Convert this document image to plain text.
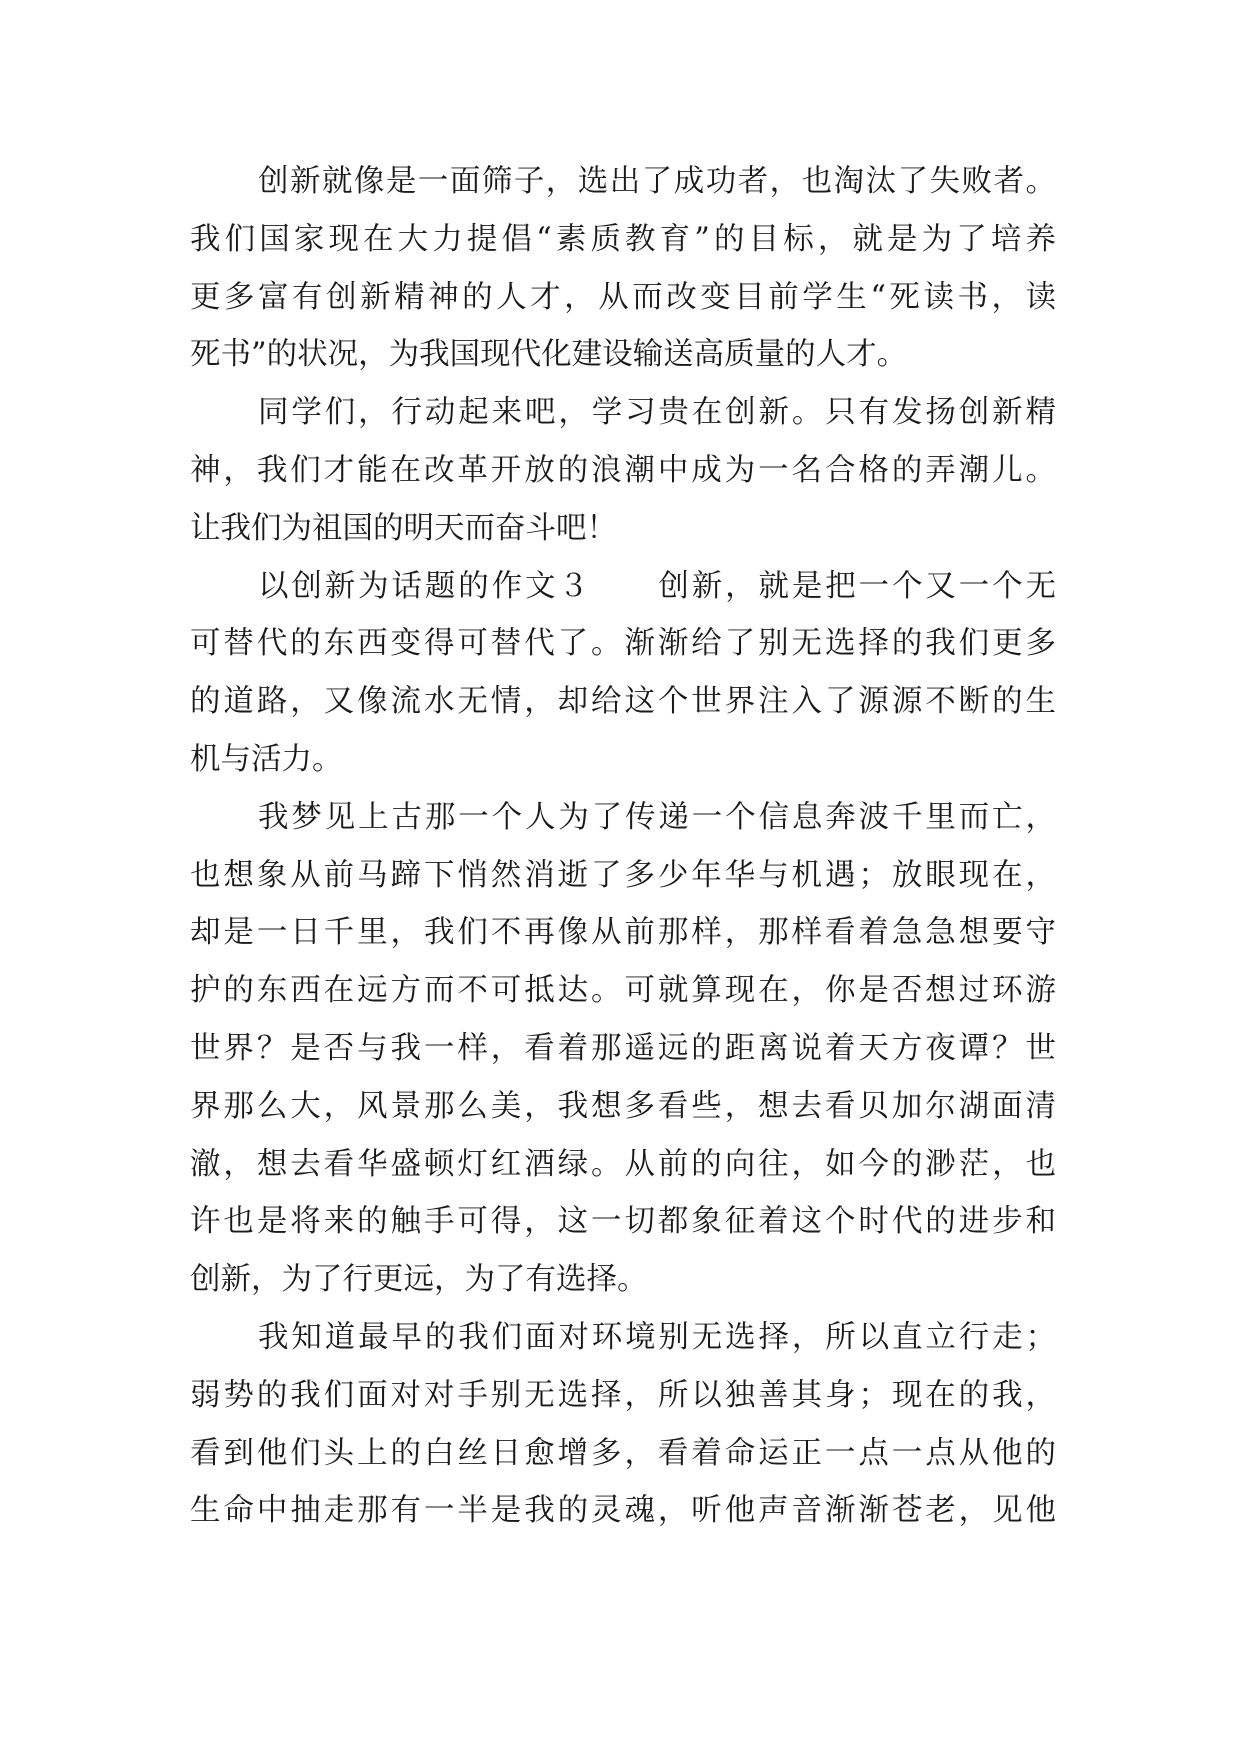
创新就像是一面筛子，选出了成功者，也淘汰了失败者。
我们国家现在大力提倡“素质教育”的目标，就是为了培养
更多富有创新精神的人才，从而改变目前学生“死读书，读
死书”的状况，为我国现代化建设输送高质量的人才。
同学们，行动起来吧，学习贵在创新。只有发扬创新精
神，我们才能在改革开放的浪潮中成为一名合格的弄潮儿。
让我们为祖国的明天而奋斗吧！
以创新为话题的作文３　　创新，就是把一个又一个无
可替代的东西变得可替代了。渐渐给了别无选择的我们更多
的道路，又像流水无情，却给这个世界注入了源源不断的生
机与活力。
我梦见上古那一个人为了传递一个信息奔波千里而亡，
也想象从前马蹄下悄然消逝了多少年华与机遇；放眼现在，
却是一日千里，我们不再像从前那样，那样看着急急想要守
护的东西在远方而不可抵达。可就算现在，你是否想过环游
世界？是否与我一样，看着那遥远的距离说着天方夜谭？世
界那么大，风景那么美，我想多看些，想去看贝加尔湖面清
澈，想去看华盛顿灯红酒绿。从前的向往，如今的渺茫，也
许也是将来的触手可得，这一切都象征着这个时代的进步和
创新，为了行更远，为了有选择。
我知道最早的我们面对环境别无选择，所以直立行走；
弱势的我们面对对手别无选择，所以独善其身；现在的我，
看到他们头上的白丝日愈增多，看着命运正一点一点从他的
生命中抽走那有一半是我的灵魂，听他声音渐渐苍老，见他
